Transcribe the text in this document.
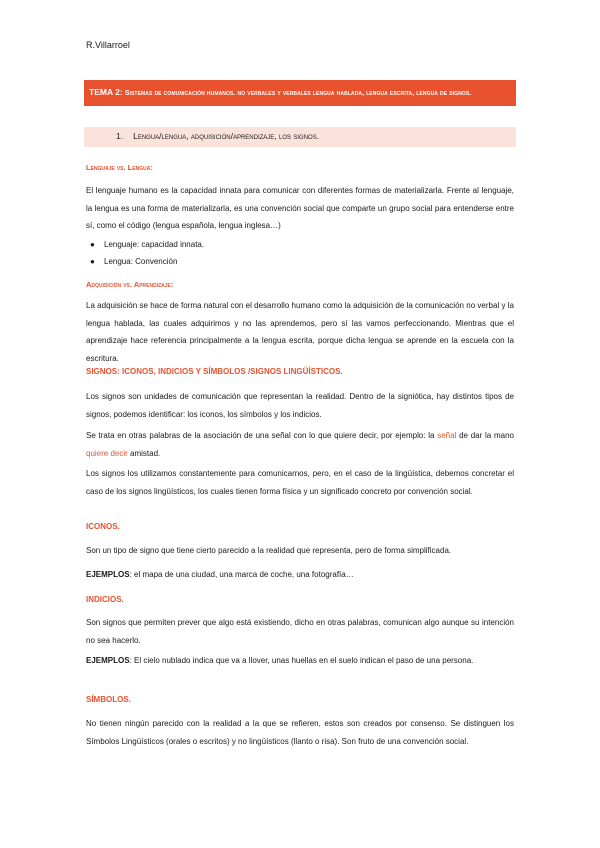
R.Villarroel
TEMA 2: Sistemas de comunicación humanos. no verbales y verbales lengua hablada, lengua escrita, lengua de signos.
1. Lengua/lengua, adquisición/aprendizaje, los signos.
Lenguaje vs. Lengua:
El lenguaje humano es la capacidad innata para comunicar con diferentes formas de materializarla. Frente al lenguaje, la lengua es una forma de materializarla, es una convención social que comparte un grupo social para entenderse entre sí, como el código (lengua española, lengua inglesa…)
● Lenguaje: capacidad innata.
● Lengua: Convención
Adquisición vs. Aprendizaje:
La adquisición se hace de forma natural con el desarrollo humano como la adquisición de la comunicación no verbal y la lengua hablada, las cuales adquirimos y no las aprendemos, pero sí las vamos perfeccionando. Mientras que el aprendizaje hace referencia principalmente a la lengua escrita, porque dicha lengua se aprende en la escuela con la escritura.
SIGNOS: ICONOS, INDICIOS Y SÍMBOLOS /SIGNOS LINGÜÍSTICOS.
Los signos son unidades de comunicación que representan la realidad. Dentro de la signiótica, hay distintos tipos de signos, podemos identificar: los iconos, los símbolos y los indicios.
Se trata en otras palabras de la asociación de una señal con lo que quiere decir, por ejemplo: la señal de dar la mano quiere decir amistad.
Los signos los utilizamos constantemente para comunicarnos, pero, en el caso de la lingüística, debemos concretar el caso de los signos lingüísticos, los cuales tienen forma física y un significado concreto por convención social.
ICONOS.
Son un tipo de signo que tiene cierto parecido a la realidad que representa, pero de forma simplificada.
EJEMPLOS: el mapa de una ciudad, una marca de coche, una fotografía…
INDICIOS.
Son signos que permiten prever que algo está existiendo, dicho en otras palabras, comunican algo aunque su intención no sea hacerlo.
EJEMPLOS: El cielo nublado indica que va a llover, unas huellas en el suelo indican el paso de una persona.
SÍMBOLOS.
No tienen ningún parecido con la realidad a la que se refieren, estos son creados por consenso. Se distinguen los Símbolos Lingüísticos (orales o escritos) y no lingüísticos (llanto o risa). Son fruto de una convención social.
